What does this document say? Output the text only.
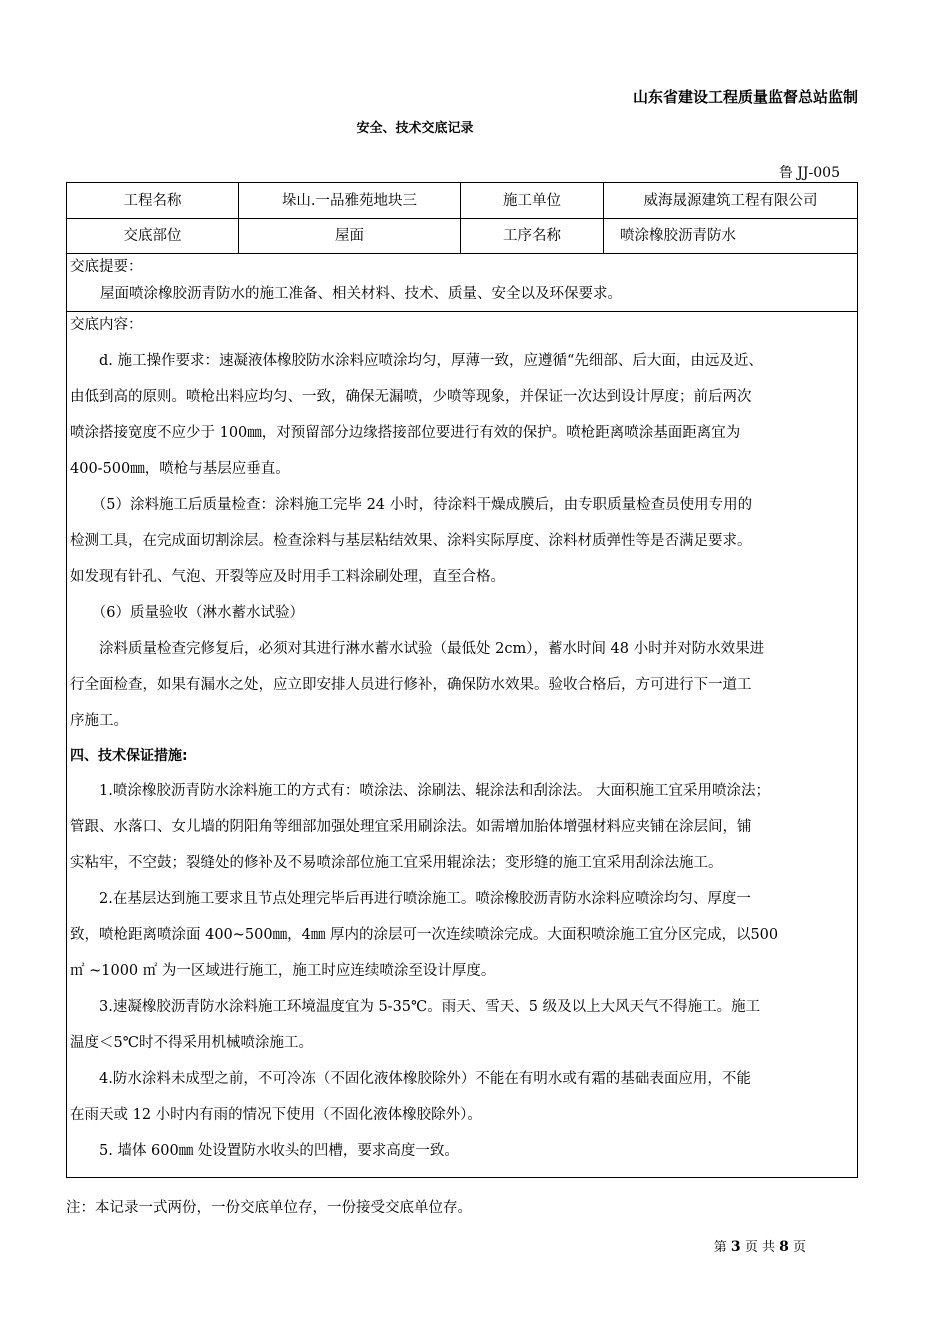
山东省建设工程质量监督总站监制
安全、技术交底记录
鲁 JJ-005
工程名称	垛山.一品雅苑地块三	施工单位	威海晟源建筑工程有限公司
交底部位	屋面	工序名称	喷涂橡胶沥青防水

交底提要：

屋面喷涂橡胶沥青防水的施工准备、相关材料、技术、质量、安全以及环保要求。

交底内容：

　　d. 施工操作要求：速凝液体橡胶防水涂料应喷涂均匀，厚薄一致，应遵循“先细部、后大面，由远及近、

由低到高的原则。喷枪出料应均匀、一致，确保无漏喷，少喷等现象，并保证一次达到设计厚度；前后两次

喷涂搭接宽度不应少于 100㎜，对预留部分边缘搭接部位要进行有效的保护。喷枪距离喷涂基面距离宜为

400-500㎜，喷枪与基层应垂直。

　　（5）涂料施工后质量检查：涂料施工完毕 24 小时，待涂料干燥成膜后，由专职质量检查员使用专用的

检测工具，在完成面切割涂层。检查涂料与基层粘结效果、涂料实际厚度、涂料材质弹性等是否满足要求。

如发现有针孔、气泡、开裂等应及时用手工料涂刷处理，直至合格。

　　（6）质量验收（淋水蓄水试验）

　　涂料质量检查完修复后，必须对其进行淋水蓄水试验（最低处 2cm），蓄水时间 48 小时并对防水效果进

行全面检查，如果有漏水之处，应立即安排人员进行修补，确保防水效果。验收合格后，方可进行下一道工

序施工。

四、技术保证措施:

　　1.喷涂橡胶沥青防水涂料施工的方式有：喷涂法、涂刷法、辊涂法和刮涂法。 大面积施工宜采用喷涂法；

管跟、水落口、女儿墙的阴阳角等细部加强处理宜采用刷涂法。如需增加胎体增强材料应夹铺在涂层间，铺

实粘牢，不空鼓；裂缝处的修补及不易喷涂部位施工宜采用辊涂法；变形缝的施工宜采用刮涂法施工。

　　2.在基层达到施工要求且节点处理完毕后再进行喷涂施工。喷涂橡胶沥青防水涂料应喷涂均匀、厚度一

致，喷枪距离喷涂面 400~500㎜，4㎜ 厚内的涂层可一次连续喷涂完成。大面积喷涂施工宜分区完成，以500

㎡ ~1000 ㎡ 为一区域进行施工，施工时应连续喷涂至设计厚度。

　　3.速凝橡胶沥青防水涂料施工环境温度宜为 5-35℃。雨天、雪天、5 级及以上大风天气不得施工。施工

温度＜5℃时不得采用机械喷涂施工。

　　4.防水涂料未成型之前，不可冷冻（不固化液体橡胶除外）不能在有明水或有霜的基础表面应用，不能

在雨天或 12 小时内有雨的情况下使用（不固化液体橡胶除外）。

　　5. 墙体 600㎜ 处设置防水收头的凹槽，要求高度一致。

注：本记录一式两份，一份交底单位存，一份接受交底单位存。
第 3 页 共 8 页
